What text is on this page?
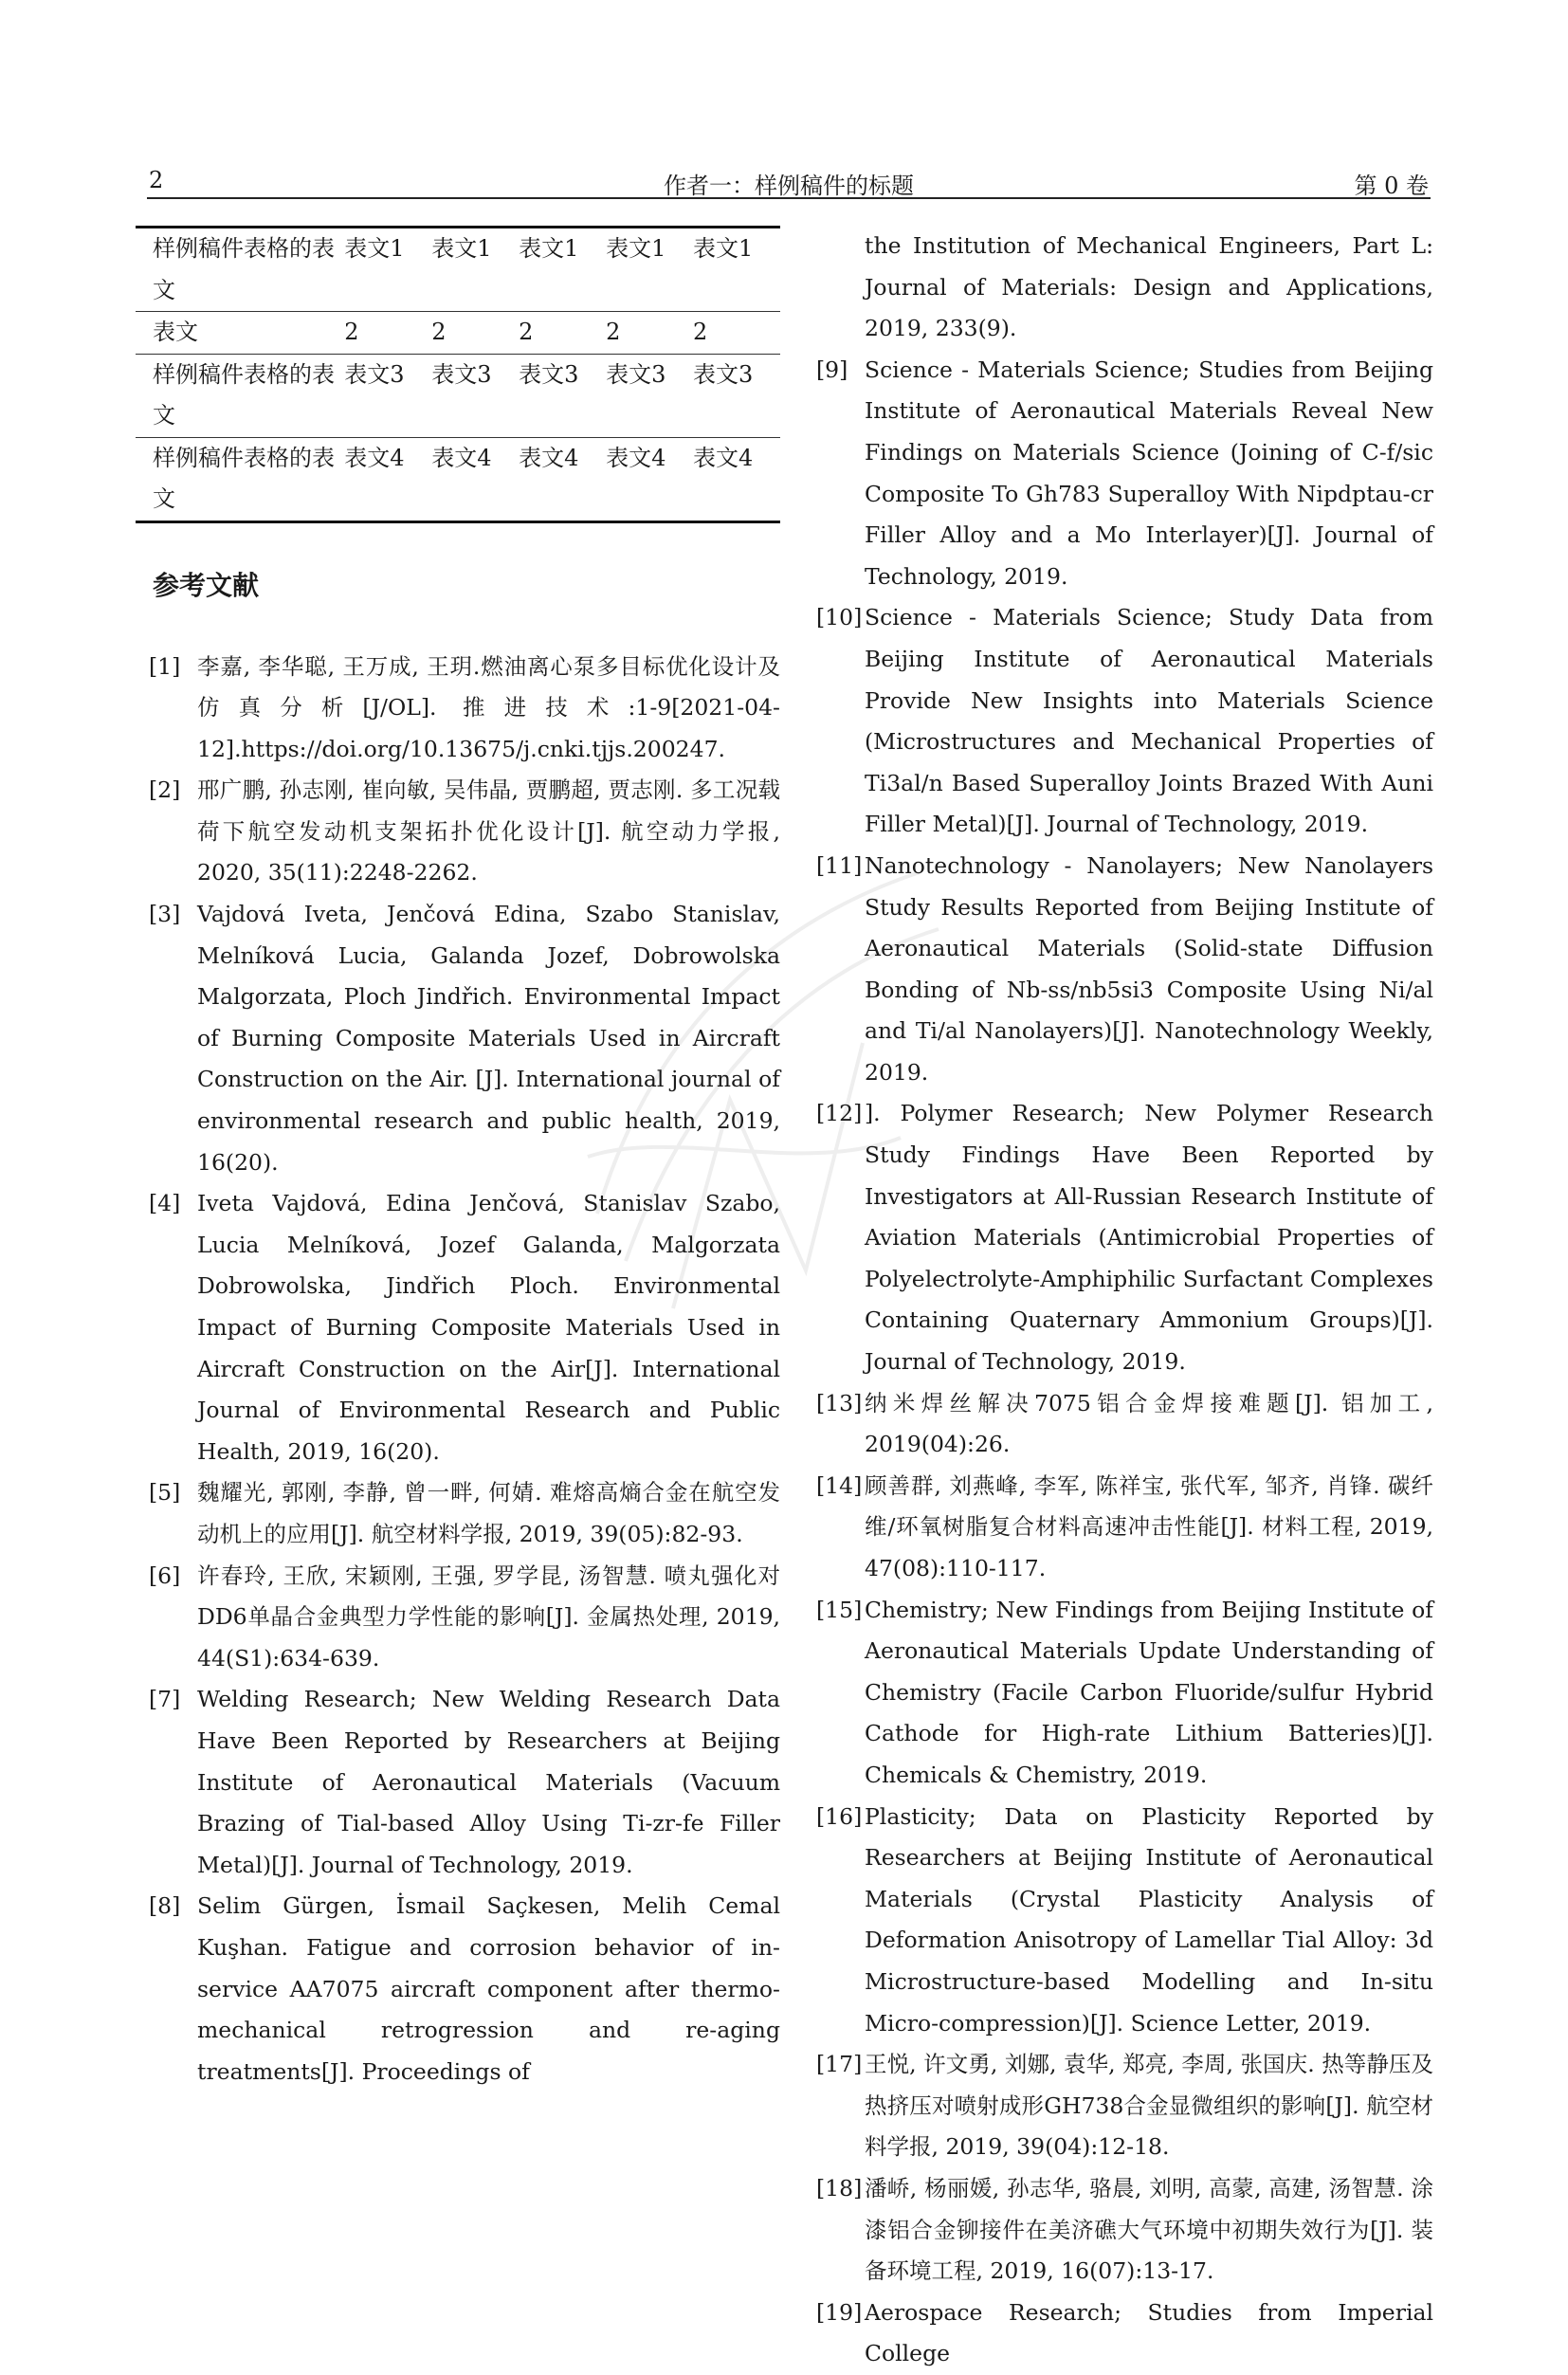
2	作者一：样例稿件的标题	第 0 卷
样例稿件表格的表文	表文1	表文1	表文1	表文1	表文1
表文	2	2	2	2	2
样例稿件表格的表文	表文3	表文3	表文3	表文3	表文3
样例稿件表格的表文	表文4	表文4	表文4	表文4	表文4
参考文献
[1] 李嘉, 李华聪, 王万成, 王玥.燃油离心泵多目标优化设计及仿真分析[J/OL]. 推进技术:1-9[2021-04-12].https://doi.org/10.13675/j.cnki.tjjs.200247.
[2] 邢广鹏, 孙志刚, 崔向敏, 吴伟晶, 贾鹏超, 贾志刚. 多工况载荷下航空发动机支架拓扑优化设计[J]. 航空动力学报, 2020, 35(11):2248-2262.
[3] Vajdová Iveta, Jenčová Edina, Szabo Stanislav, Melníková Lucia, Galanda Jozef, Dobrowolska Malgorzata, Ploch Jindřich. Environmental Impact of Burning Composite Materials Used in Aircraft Construction on the Air. [J]. International journal of environmental research and public health, 2019, 16(20).
[4] Iveta Vajdová, Edina Jenčová, Stanislav Szabo, Lucia Melníková, Jozef Galanda, Malgorzata Dobrowolska, Jindřich Ploch. Environmental Impact of Burning Composite Materials Used in Aircraft Construction on the Air[J]. International Journal of Environmental Research and Public Health, 2019, 16(20).
[5] 魏耀光, 郭刚, 李静, 曾一畔, 何婧. 难熔高熵合金在航空发动机上的应用[J]. 航空材料学报, 2019, 39(05):82-93.
[6] 许春玲, 王欣, 宋颖刚, 王强, 罗学昆, 汤智慧. 喷丸强化对DD6单晶合金典型力学性能的影响[J]. 金属热处理, 2019, 44(S1):634-639.
[7] Welding Research; New Welding Research Data Have Been Reported by Researchers at Beijing Institute of Aeronautical Materials (Vacuum Brazing of Tial-based Alloy Using Ti-zr-fe Filler Metal)[J]. Journal of Technology, 2019.
[8] Selim Gürgen, İsmail Saçkesen, Melih Cemal Kuşhan. Fatigue and corrosion behavior of in-service AA7075 aircraft component after thermo-mechanical retrogression and re-aging treatments[J]. Proceedings of
the Institution of Mechanical Engineers, Part L: Journal of Materials: Design and Applications, 2019, 233(9).
[9] Science - Materials Science; Studies from Beijing Institute of Aeronautical Materials Reveal New Findings on Materials Science (Joining of C-f/sic Composite To Gh783 Superalloy With Nipdptau-cr Filler Alloy and a Mo Interlayer)[J]. Journal of Technology, 2019.
[10] Science - Materials Science; Study Data from Beijing Institute of Aeronautical Materials Provide New Insights into Materials Science (Microstructures and Mechanical Properties of Ti3al/n Based Superalloy Joints Brazed With Auni Filler Metal)[J]. Journal of Technology, 2019.
[11] Nanotechnology - Nanolayers; New Nanolayers Study Results Reported from Beijing Institute of Aeronautical Materials (Solid-state Diffusion Bonding of Nb-ss/nb5si3 Composite Using Ni/al and Ti/al Nanolayers)[J]. Nanotechnology Weekly, 2019.
[12] ]. Polymer Research; New Polymer Research Study Findings Have Been Reported by Investigators at All-Russian Research Institute of Aviation Materials (Antimicrobial Properties of Polyelectrolyte-Amphiphilic Surfactant Complexes Containing Quaternary Ammonium Groups)[J]. Journal of Technology, 2019.
[13] 纳米焊丝解决7075铝合金焊接难题[J]. 铝加工, 2019(04):26.
[14] 顾善群, 刘燕峰, 李军, 陈祥宝, 张代军, 邹齐, 肖锋. 碳纤维/环氧树脂复合材料高速冲击性能[J]. 材料工程, 2019, 47(08):110-117.
[15] Chemistry; New Findings from Beijing Institute of Aeronautical Materials Update Understanding of Chemistry (Facile Carbon Fluoride/sulfur Hybrid Cathode for High-rate Lithium Batteries)[J]. Chemicals & Chemistry, 2019.
[16] Plasticity; Data on Plasticity Reported by Researchers at Beijing Institute of Aeronautical Materials (Crystal Plasticity Analysis of Deformation Anisotropy of Lamellar Tial Alloy: 3d Microstructure-based Modelling and In-situ Micro-compression)[J]. Science Letter, 2019.
[17] 王悦, 许文勇, 刘娜, 袁华, 郑亮, 李周, 张国庆. 热等静压及热挤压对喷射成形GH738合金显微组织的影响[J]. 航空材料学报, 2019, 39(04):12-18.
[18] 潘峤, 杨丽媛, 孙志华, 骆晨, 刘明, 高蒙, 高建, 汤智慧. 涂漆铝合金铆接件在美济礁大气环境中初期失效行为[J]. 装备环境工程, 2019, 16(07):13-17.
[19] Aerospace Research; Studies from Imperial College
